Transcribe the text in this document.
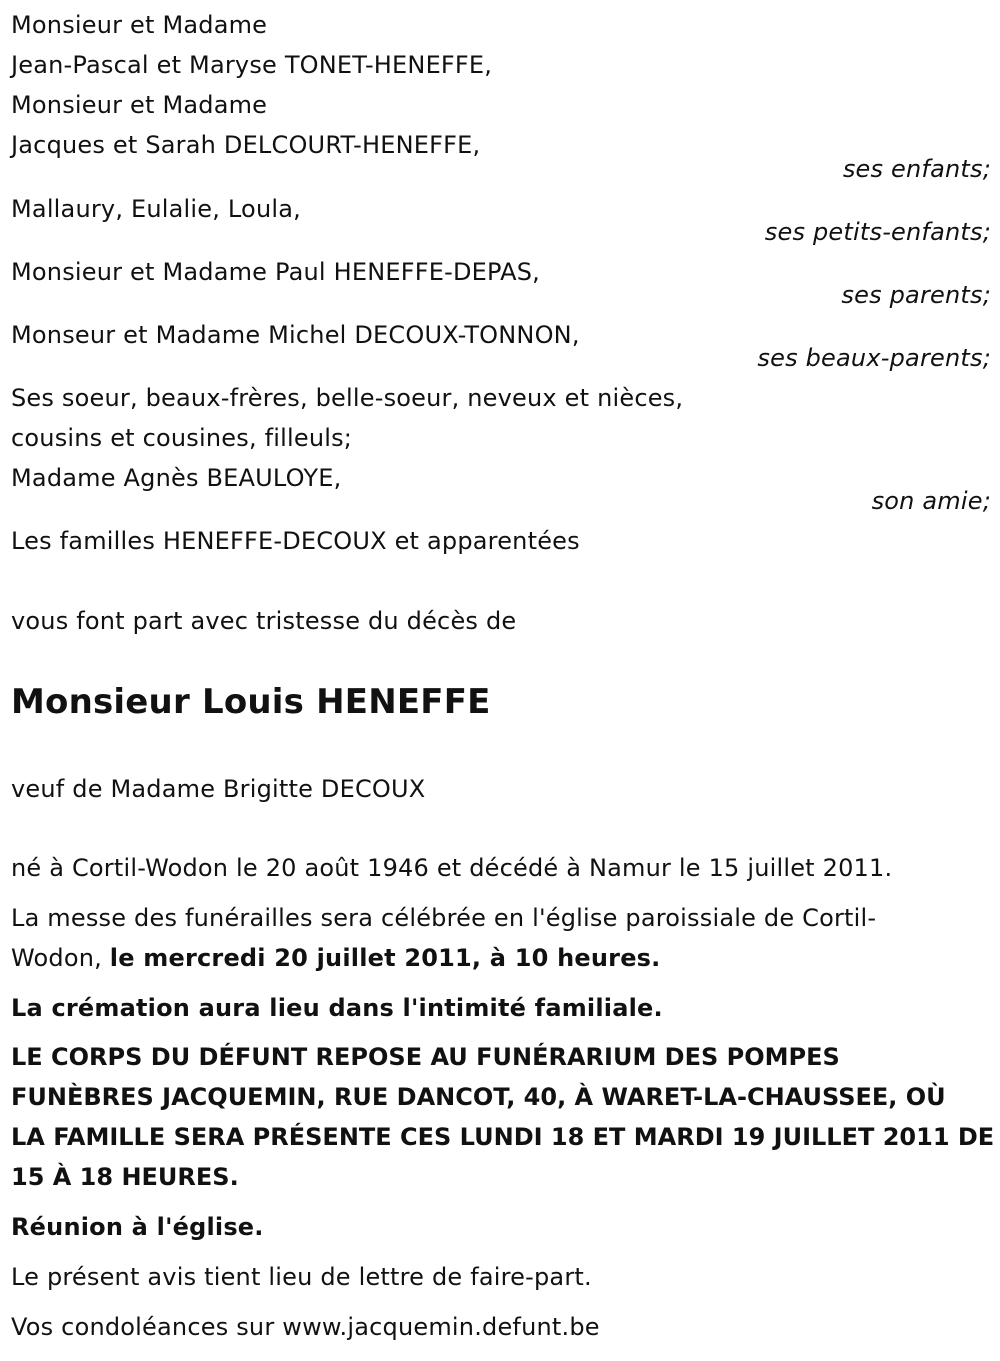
Monsieur et Madame
Jean-Pascal et Maryse TONET-HENEFFE,
Monsieur et Madame
Jacques et Sarah DELCOURT-HENEFFE,
ses enfants;
Mallaury, Eulalie, Loula,
ses petits-enfants;
Monsieur et Madame Paul HENEFFE-DEPAS,
ses parents;
Monseur et Madame Michel DECOUX-TONNON,
ses beaux-parents;
Ses soeur, beaux-frères, belle-soeur, neveux et nièces,
cousins et cousines, filleuls;
Madame Agnès BEAULOYE,
son amie;
Les familles HENEFFE-DECOUX et apparentées
vous font part avec tristesse du décès de
Monsieur Louis HENEFFE
veuf de Madame Brigitte DECOUX
né à Cortil-Wodon le 20 août 1946 et décédé à Namur le 15 juillet 2011.
La messe des funérailles sera célébrée en l'église paroissiale de Cortil-
Wodon, le mercredi 20 juillet 2011, à 10 heures.
La crémation aura lieu dans l'intimité familiale.
LE CORPS DU DÉFUNT REPOSE AU FUNÉRARIUM DES POMPES
FUNÈBRES JACQUEMIN, RUE DANCOT, 40, À WARET-LA-CHAUSSEE, OÙ
LA FAMILLE SERA PRÉSENTE CES LUNDI 18 ET MARDI 19 JUILLET 2011 DE
15 À 18 HEURES.
Réunion à l'église.
Le présent avis tient lieu de lettre de faire-part.
Vos condoléances sur www.jacquemin.defunt.be
